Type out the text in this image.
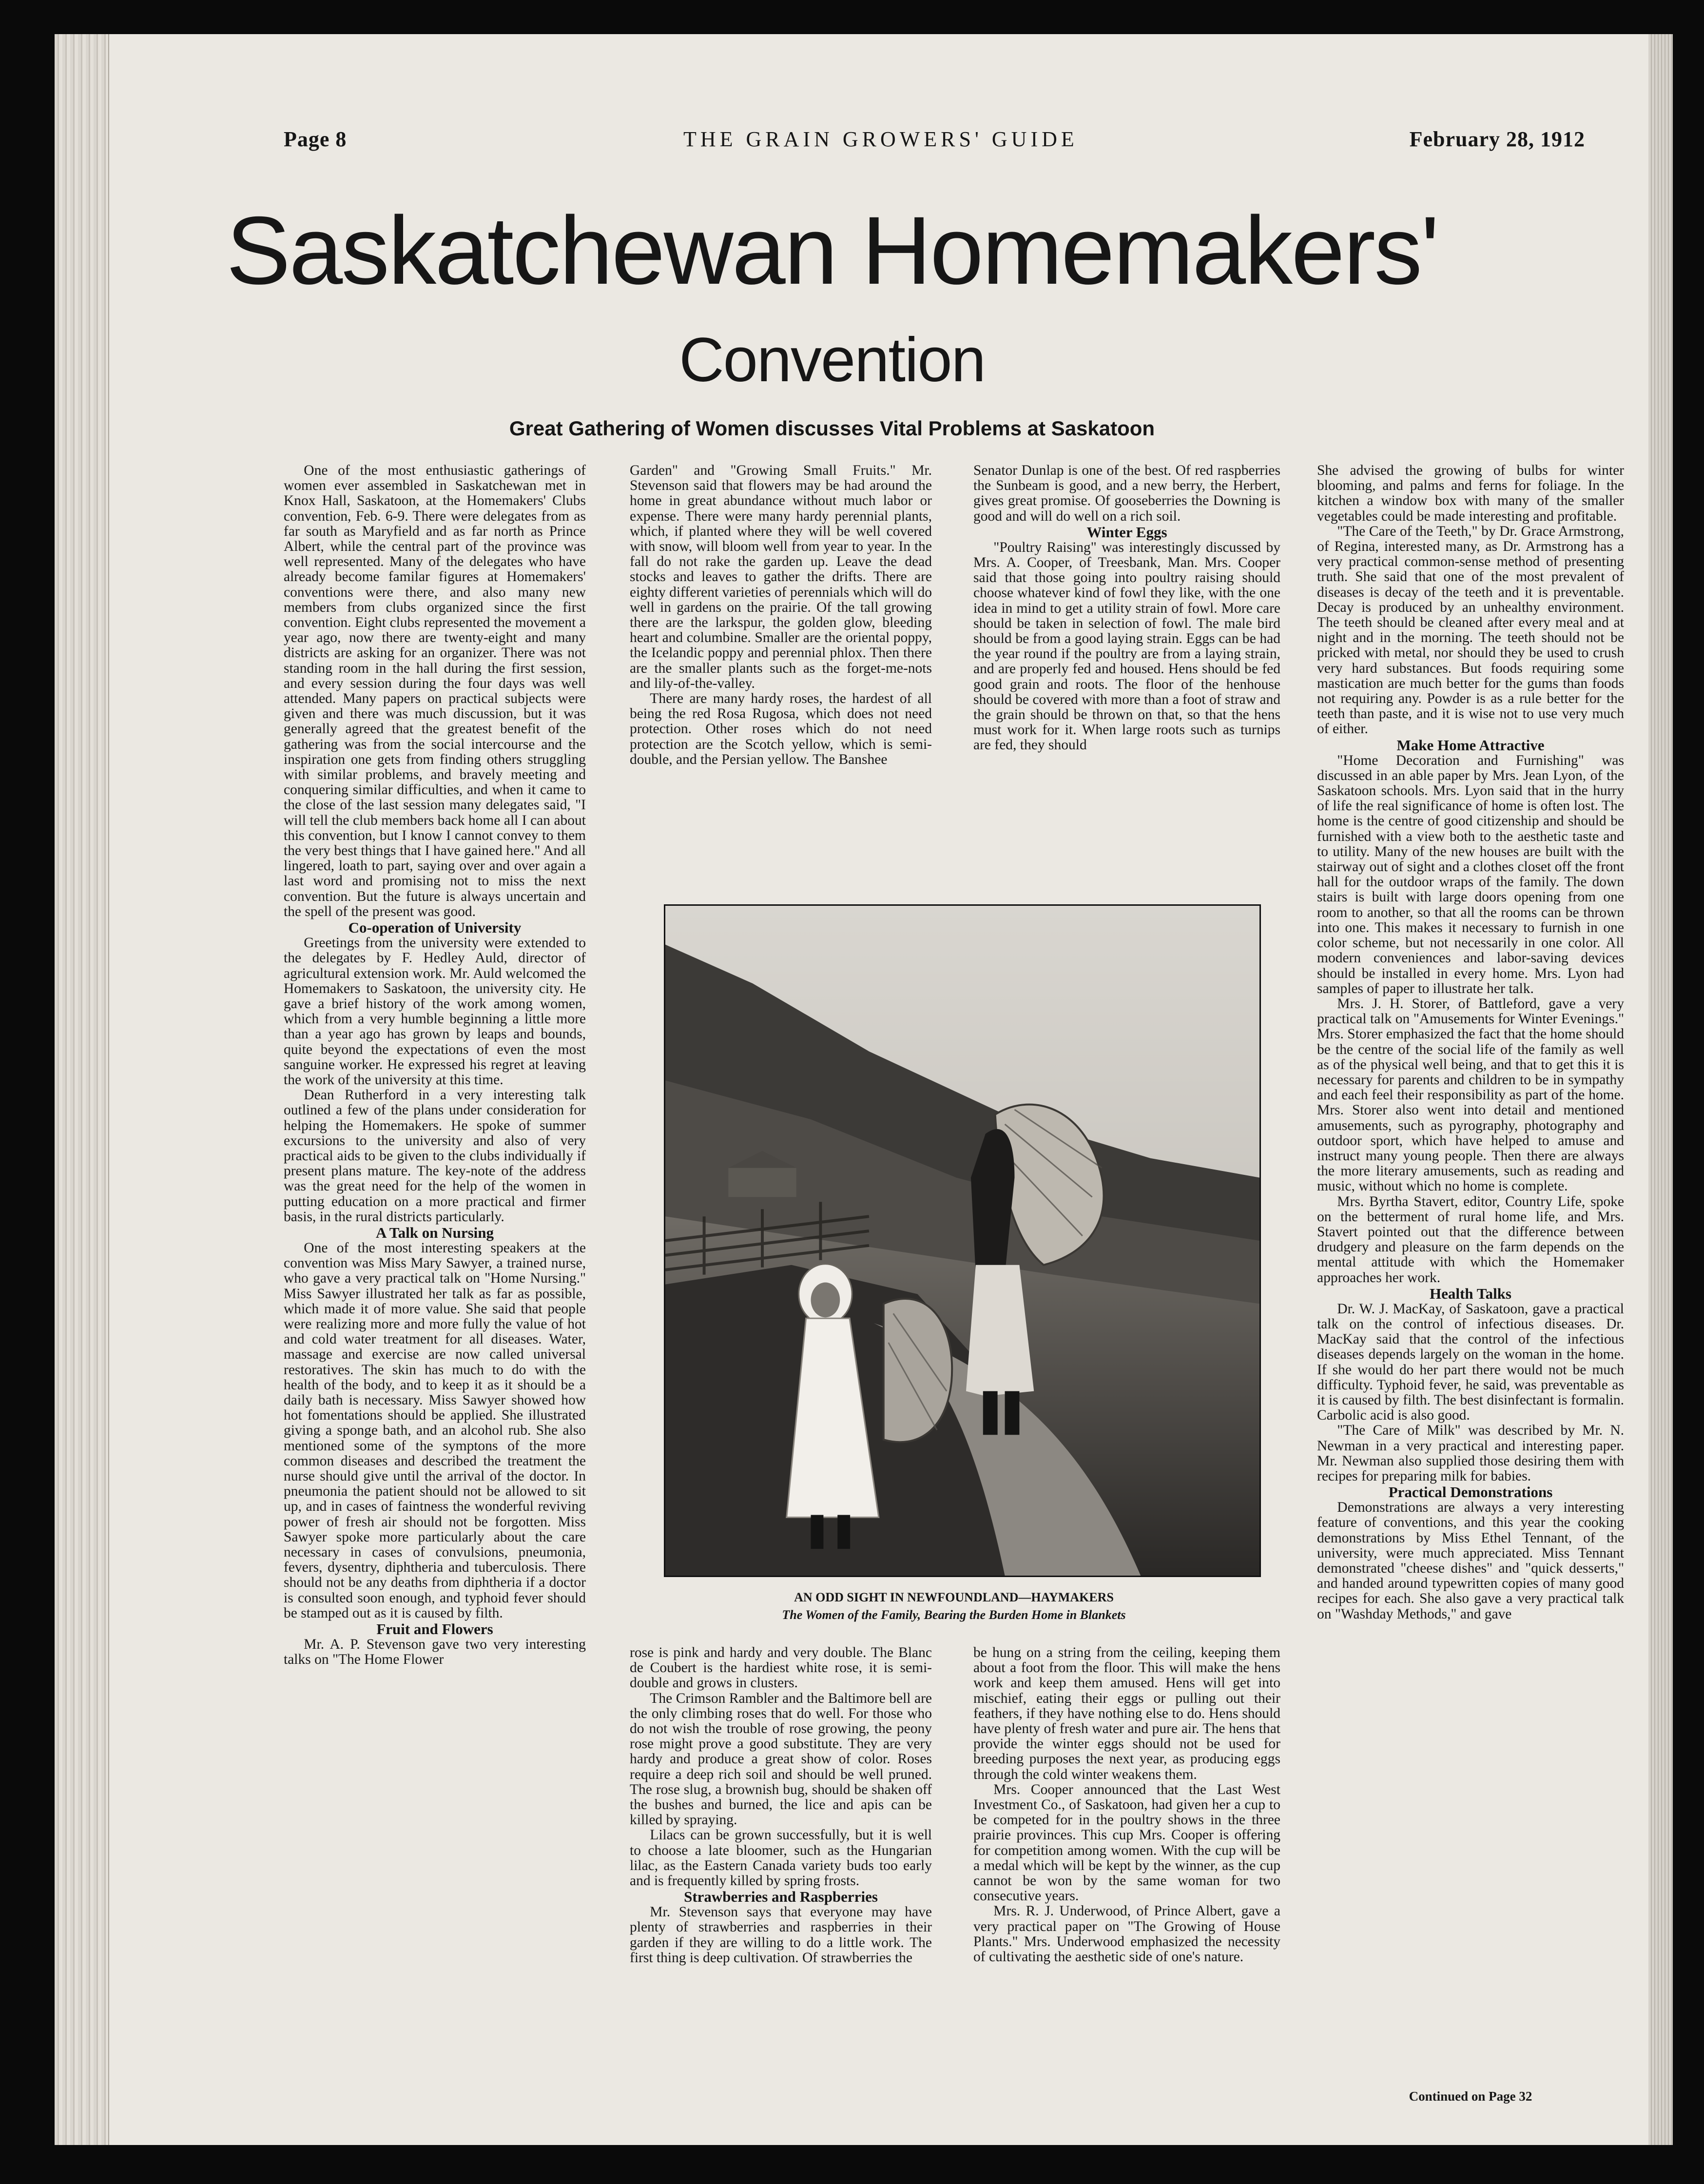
Page 8	THE GRAIN GROWERS' GUIDE	February 28, 1912
Saskatchewan Homemakers'
Convention
Great Gathering of Women discusses Vital Problems at Saskatoon

One of the most enthusiastic gatherings of women ever assembled in Saskatchewan met in Knox Hall, Saskatoon, at the Homemakers' Clubs convention, Feb. 6-9. There were delegates from as far south as Maryfield and as far north as Prince Albert, while the central part of the province was well represented. Many of the delegates who have already become familar figures at Homemakers' conventions were there, and also many new members from clubs organized since the first convention. Eight clubs represented the movement a year ago, now there are twenty-eight and many districts are asking for an organizer. There was not standing room in the hall during the first session, and every session during the four days was well attended. Many papers on practical subjects were given and there was much discussion, but it was generally agreed that the greatest benefit of the gathering was from the social intercourse and the inspiration one gets from finding others struggling with similar problems, and bravely meeting and conquering similar difficulties, and when it came to the close of the last session many delegates said, "I will tell the club members back home all I can about this convention, but I know I cannot convey to them the very best things that I have gained here." And all lingered, loath to part, saying over and over again a last word and promising not to miss the next convention. But the future is always uncertain and the spell of the present was good.

Co-operation of University

Greetings from the university were extended to the delegates by F. Hedley Auld, director of agricultural extension work. Mr. Auld welcomed the Homemakers to Saskatoon, the university city. He gave a brief history of the work among women, which from a very humble beginning a little more than a year ago has grown by leaps and bounds, quite beyond the expectations of even the most sanguine worker. He expressed his regret at leaving the work of the university at this time.

Dean Rutherford in a very interesting talk outlined a few of the plans under consideration for helping the Homemakers. He spoke of summer excursions to the university and also of very practical aids to be given to the clubs individually if present plans mature. The key-note of the address was the great need for the help of the women in putting education on a more practical and firmer basis, in the rural districts particularly.

A Talk on Nursing

One of the most interesting speakers at the convention was Miss Mary Sawyer, a trained nurse, who gave a very practical talk on "Home Nursing." Miss Sawyer illustrated her talk as far as possible, which made it of more value. She said that people were realizing more and more fully the value of hot and cold water treatment for all diseases. Water, massage and exercise are now called universal restoratives. The skin has much to do with the health of the body, and to keep it as it should be a daily bath is necessary. Miss Sawyer showed how hot fomentations should be applied. She illustrated giving a sponge bath, and an alcohol rub. She also mentioned some of the symptons of the more common diseases and described the treatment the nurse should give until the arrival of the doctor. In pneumonia the patient should not be allowed to sit up, and in cases of faintness the wonderful reviving power of fresh air should not be forgotten. Miss Sawyer spoke more particularly about the care necessary in cases of convulsions, pneumonia, fevers, dysentry, diphtheria and tuberculosis. There should not be any deaths from diphtheria if a doctor is consulted soon enough, and typhoid fever should be stamped out as it is caused by filth.

Fruit and Flowers

Mr. A. P. Stevenson gave two very interesting talks on "The Home Flower

Garden" and "Growing Small Fruits." Mr. Stevenson said that flowers may be had around the home in great abundance without much labor or expense. There were many hardy perennial plants, which, if planted where they will be well covered with snow, will bloom well from year to year. In the fall do not rake the garden up. Leave the dead stocks and leaves to gather the drifts. There are eighty different varieties of perennials which will do well in gardens on the prairie. Of the tall growing there are the larkspur, the golden glow, bleeding heart and columbine. Smaller are the oriental poppy, the Icelandic poppy and perennial phlox. Then there are the smaller plants such as the forget-me-nots and lily-of-the-valley.

There are many hardy roses, the hardest of all being the red Rosa Rugosa, which does not need protection. Other roses which do not need protection are the Scotch yellow, which is semi-double, and the Persian yellow. The Banshee

Senator Dunlap is one of the best. Of red raspberries the Sunbeam is good, and a new berry, the Herbert, gives great promise. Of gooseberries the Downing is good and will do well on a rich soil.

Winter Eggs

"Poultry Raising" was interestingly discussed by Mrs. A. Cooper, of Treesbank, Man. Mrs. Cooper said that those going into poultry raising should choose whatever kind of fowl they like, with the one idea in mind to get a utility strain of fowl. More care should be taken in selection of fowl. The male bird should be from a good laying strain. Eggs can be had the year round if the poultry are from a laying strain, and are properly fed and housed. Hens should be fed good grain and roots. The floor of the henhouse should be covered with more than a foot of straw and the grain should be thrown on that, so that the hens must work for it. When large roots such as turnips are fed, they should

She advised the growing of bulbs for winter blooming, and palms and ferns for foliage. In the kitchen a window box with many of the smaller vegetables could be made interesting and profitable.

"The Care of the Teeth," by Dr. Grace Armstrong, of Regina, interested many, as Dr. Armstrong has a very practical common-sense method of presenting truth. She said that one of the most prevalent of diseases is decay of the teeth and it is preventable. Decay is produced by an unhealthy environment. The teeth should be cleaned after every meal and at night and in the morning. The teeth should not be pricked with metal, nor should they be used to crush very hard substances. But foods requiring some mastication are much better for the gums than foods not requiring any. Powder is as a rule better for the teeth than paste, and it is wise not to use very much of either.

Make Home Attractive

"Home Decoration and Furnishing" was discussed in an able paper by Mrs. Jean Lyon, of the Saskatoon schools. Mrs. Lyon said that in the hurry of life the real significance of home is often lost. The home is the centre of good citizenship and should be furnished with a view both to the aesthetic taste and to utility. Many of the new houses are built with the stairway out of sight and a clothes closet off the front hall for the outdoor wraps of the family. The down stairs is built with large doors opening from one room to another, so that all the rooms can be thrown into one. This makes it necessary to furnish in one color scheme, but not necessarily in one color. All modern conveniences and labor-saving devices should be installed in every home. Mrs. Lyon had samples of paper to illustrate her talk.

Mrs. J. H. Storer, of Battleford, gave a very practical talk on "Amusements for Winter Evenings." Mrs. Storer emphasized the fact that the home should be the centre of the social life of the family as well as of the physical well being, and that to get this it is necessary for parents and children to be in sympathy and each feel their responsibility as part of the home. Mrs. Storer also went into detail and mentioned amusements, such as pyrography, photography and outdoor sport, which have helped to amuse and instruct many young people. Then there are always the more literary amusements, such as reading and music, without which no home is complete.

Mrs. Byrtha Stavert, editor, Country Life, spoke on the betterment of rural home life, and Mrs. Stavert pointed out that the difference between drudgery and pleasure on the farm depends on the mental attitude with which the Homemaker approaches her work.

Health Talks

Dr. W. J. MacKay, of Saskatoon, gave a practical talk on the control of infectious diseases. Dr. MacKay said that the control of the infectious diseases depends largely on the woman in the home. If she would do her part there would not be much difficulty. Typhoid fever, he said, was preventable as it is caused by filth. The best disinfectant is formalin. Carbolic acid is also good.

"The Care of Milk" was described by Mr. N. Newman in a very practical and interesting paper. Mr. Newman also supplied those desiring them with recipes for preparing milk for babies.

Practical Demonstrations

Demonstrations are always a very interesting feature of conventions, and this year the cooking demonstrations by Miss Ethel Tennant, of the university, were much appreciated. Miss Tennant demonstrated "cheese dishes" and "quick desserts," and handed around typewritten copies of many good recipes for each. She also gave a very practical talk on "Washday Methods," and gave

AN ODD SIGHT IN NEWFOUNDLAND—HAYMAKERS
The Women of the Family, Bearing the Burden Home in Blankets

rose is pink and hardy and very double. The Blanc de Coubert is the hardiest white rose, it is semi-double and grows in clusters.

The Crimson Rambler and the Baltimore bell are the only climbing roses that do well. For those who do not wish the trouble of rose growing, the peony rose might prove a good substitute. They are very hardy and produce a great show of color. Roses require a deep rich soil and should be well pruned. The rose slug, a brownish bug, should be shaken off the bushes and burned, the lice and apis can be killed by spraying.

Lilacs can be grown successfully, but it is well to choose a late bloomer, such as the Hungarian lilac, as the Eastern Canada variety buds too early and is frequently killed by spring frosts.

Strawberries and Raspberries

Mr. Stevenson says that everyone may have plenty of strawberries and raspberries in their garden if they are willing to do a little work. The first thing is deep cultivation. Of strawberries the

be hung on a string from the ceiling, keeping them about a foot from the floor. This will make the hens work and keep them amused. Hens will get into mischief, eating their eggs or pulling out their feathers, if they have nothing else to do. Hens should have plenty of fresh water and pure air. The hens that provide the winter eggs should not be used for breeding purposes the next year, as producing eggs through the cold winter weakens them.

Mrs. Cooper announced that the Last West Investment Co., of Saskatoon, had given her a cup to be competed for in the poultry shows in the three prairie provinces. This cup Mrs. Cooper is offering for competition among women. With the cup will be a medal which will be kept by the winner, as the cup cannot be won by the same woman for two consecutive years.

Mrs. R. J. Underwood, of Prince Albert, gave a very practical paper on "The Growing of House Plants." Mrs. Underwood emphasized the necessity of cultivating the aesthetic side of one's nature.

Continued on Page 32
